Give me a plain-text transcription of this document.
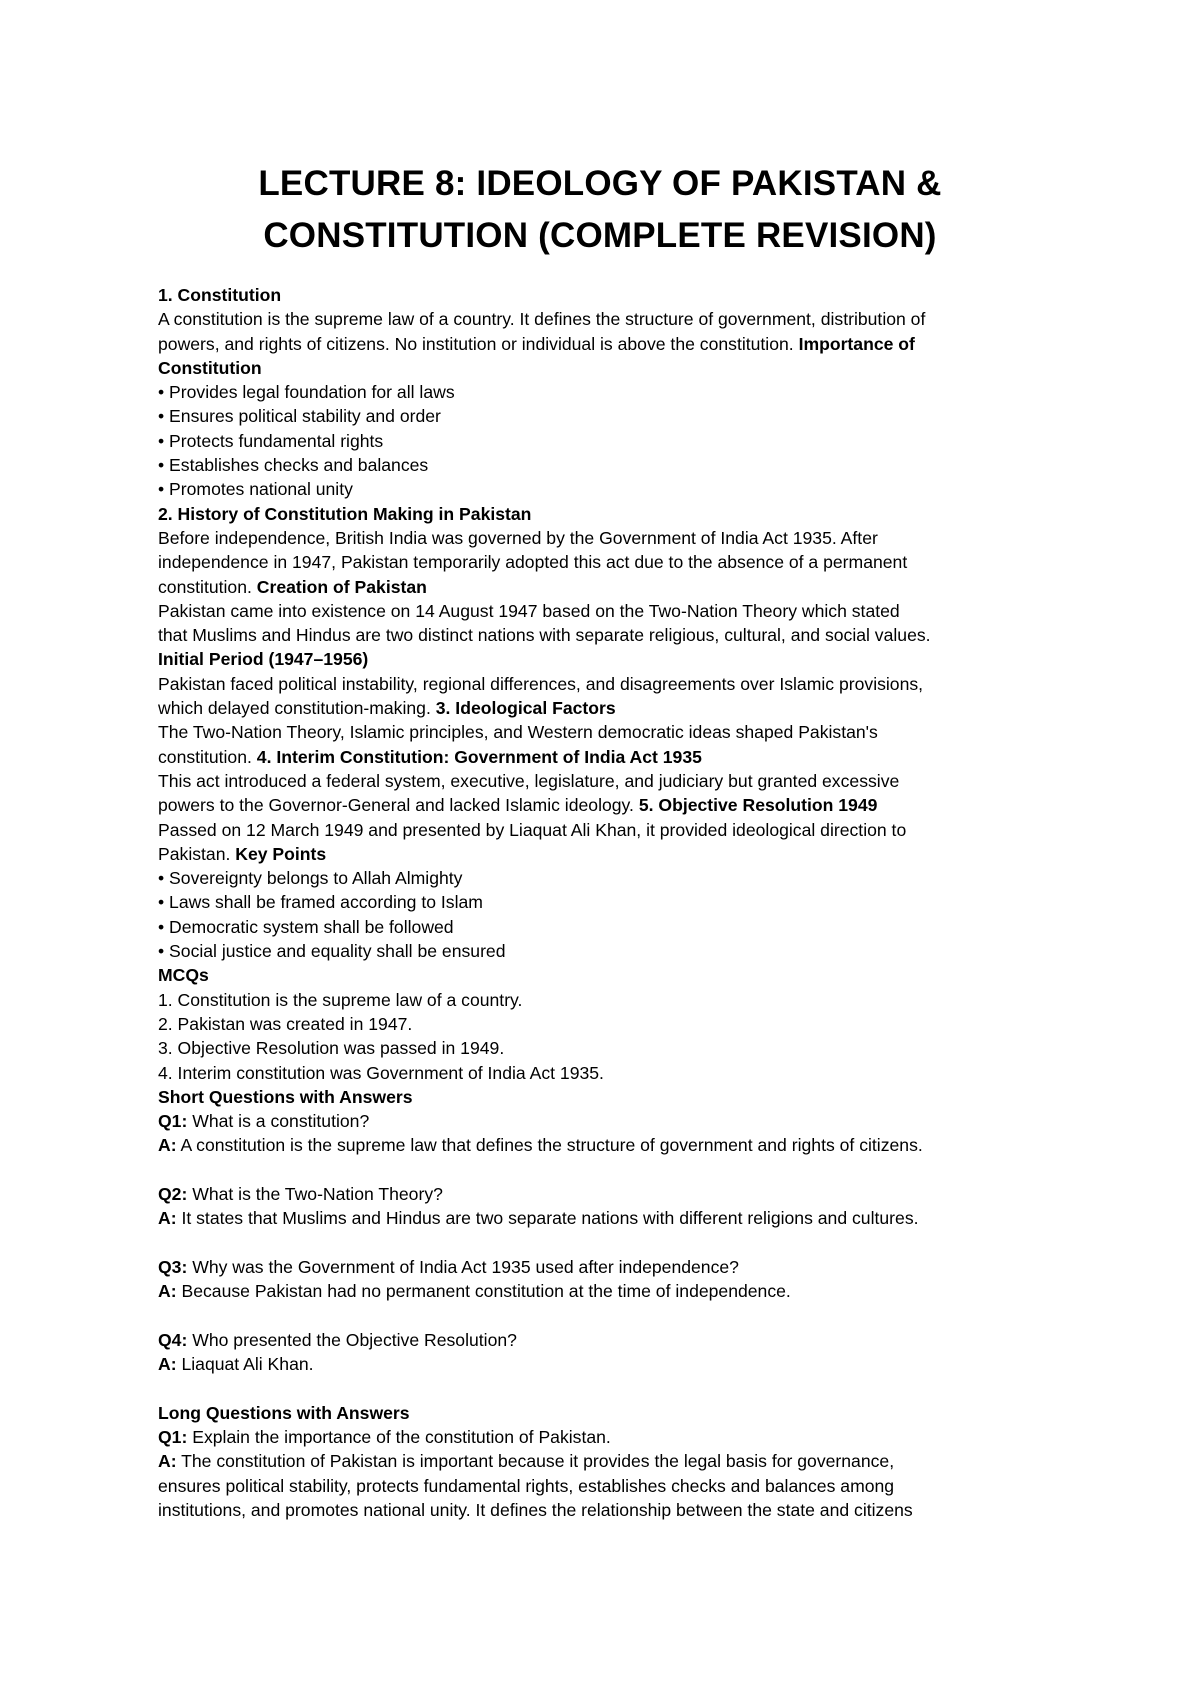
LECTURE 8: IDEOLOGY OF PAKISTAN &
CONSTITUTION (COMPLETE REVISION)
1. Constitution
A constitution is the supreme law of a country. It defines the structure of government, distribution of
powers, and rights of citizens. No institution or individual is above the constitution. Importance of
Constitution
• Provides legal foundation for all laws
• Ensures political stability and order
• Protects fundamental rights
• Establishes checks and balances
• Promotes national unity
2. History of Constitution Making in Pakistan
Before independence, British India was governed by the Government of India Act 1935. After
independence in 1947, Pakistan temporarily adopted this act due to the absence of a permanent
constitution. Creation of Pakistan
Pakistan came into existence on 14 August 1947 based on the Two-Nation Theory which stated
that Muslims and Hindus are two distinct nations with separate religious, cultural, and social values.
Initial Period (1947–1956)
Pakistan faced political instability, regional differences, and disagreements over Islamic provisions,
which delayed constitution-making. 3. Ideological Factors
The Two-Nation Theory, Islamic principles, and Western democratic ideas shaped Pakistan's
constitution. 4. Interim Constitution: Government of India Act 1935
This act introduced a federal system, executive, legislature, and judiciary but granted excessive
powers to the Governor-General and lacked Islamic ideology. 5. Objective Resolution 1949
Passed on 12 March 1949 and presented by Liaquat Ali Khan, it provided ideological direction to
Pakistan. Key Points
• Sovereignty belongs to Allah Almighty
• Laws shall be framed according to Islam
• Democratic system shall be followed
• Social justice and equality shall be ensured
MCQs
1. Constitution is the supreme law of a country.
2. Pakistan was created in 1947.
3. Objective Resolution was passed in 1949.
4. Interim constitution was Government of India Act 1935.
Short Questions with Answers
Q1: What is a constitution?
A: A constitution is the supreme law that defines the structure of government and rights of citizens.
Q2: What is the Two-Nation Theory?
A: It states that Muslims and Hindus are two separate nations with different religions and cultures.
Q3: Why was the Government of India Act 1935 used after independence?
A: Because Pakistan had no permanent constitution at the time of independence.
Q4: Who presented the Objective Resolution?
A: Liaquat Ali Khan.
Long Questions with Answers
Q1: Explain the importance of the constitution of Pakistan.
A: The constitution of Pakistan is important because it provides the legal basis for governance,
ensures political stability, protects fundamental rights, establishes checks and balances among
institutions, and promotes national unity. It defines the relationship between the state and citizens
